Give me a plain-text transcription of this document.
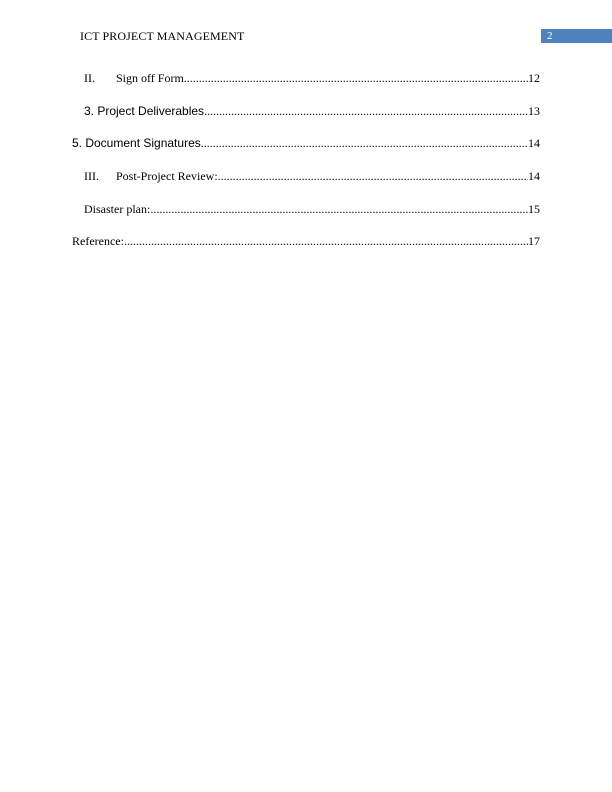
ICT PROJECT MANAGEMENT	2
II.	Sign off Form .....	12
3. Project Deliverables .....	13
5. Document Signatures .....	14
III.	Post-Project Review: .....	14
Disaster plan: .....	15
Reference: .....	17
